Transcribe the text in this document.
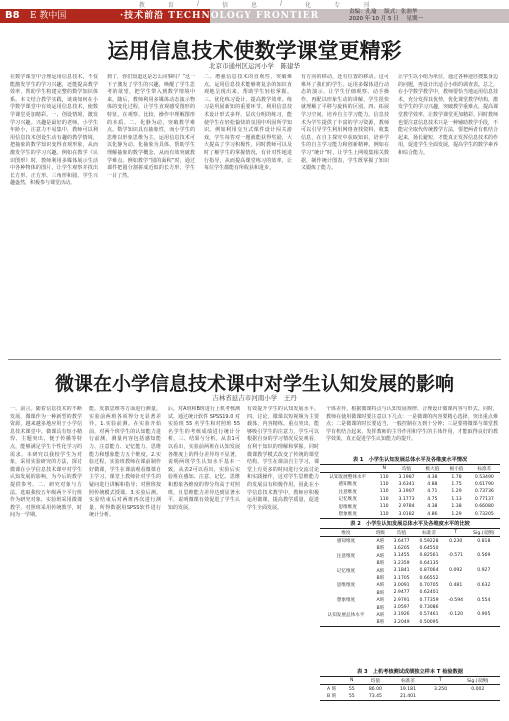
教	育	/	信	息	/	化	专	刊
B8 E 教中国	·技术前沿 TECHNOLOGY FRONTIER	责编：孔瑜 版式：张润华
2020 年 10 月 5 日 星期一
运用信息技术使数学课堂更精彩
北京市通州区运河小学　陈建华
在数学课堂中合理运用信息技术，不仅能激发学生的学习兴趣，还能提高教学效率，帮助学生构建完整的数学知识体系。本文结合教学实践，谈谈如何在小学数学课堂中有效运用信息技术，使数学课堂更加精彩。一、创设情境，激发学习兴趣。兴趣是最好的老师。小学生年龄小，注意力不易集中，教师可以利用信息技术创设生动有趣的教学情境，把抽象的数学知识变得直观形象，从而激发学生的学习兴趣。例如在教学《认识图形》时，教师利用多媒体展示生活中各种物体的图片，让学生观察并找出长方形、正方形、三角形和圆，学生兴趣盎然，积极参与课堂活动。
到了，你们知道这是怎么回事吗？”这一下子激发了学生的兴趣，唤醒了学生思考的欲望，把学生带入到数学情境中来。随后，教师利用多媒体动态演示物体的变化过程，让学生直观感受图形的特征，在观察、比较、操作中理解图形的本质。二、化静为动，突破教学难点。数学知识具有抽象性，而小学生的思维以形象思维为主。运用信息技术可以化静为动、化抽象为具体，帮助学生理解抽象的数学概念，从而有效突破教学难点。例如教学“圆的面积”时，通过课件把圆分割拼成近似的长方形，学生一目了然。
二、增强信息技术的直观性，突破难点。运用信息技术能够将复杂的知识直观地呈现出来，帮助学生轻松掌握。三、优化练习设计，提高教学效率。练习是巩固新知的重要环节。利用信息技术设计形式多样、层次分明的练习，能使学生在轻松愉快的氛围中巩固所学知识。例如利用交互式课件设计闯关游戏，学生每答对一题就能获得奖励，大大提高了学习积极性。同时教师可以及时了解学生的掌握情况，有针对性地进行指导，从而提高课堂练习的效率，让每位学生都能有所收获和进步。
有方向的移动，还有位置的移动。这可难坏了我们的学生。运用多媒体进行动态的演示，让学生仔细观察、动手操作，再配以形象生动的讲解，学生很快就理解了平移与旋转的区别。四、拓展学习空间，培养自主学习能力。信息技术为学生提供了丰富的学习资源，教师可以引导学生利用网络查找资料、收集信息，在自主探究中获取知识，培养学生的自主学习能力和创新精神。例如在学习“统计”时，让学生上网收集相关数据，制作统计图表，学生既掌握了知识又锻炼了能力。
让学生以小组为单位，通过各种途径搜集身边的问题，再设计出适合小组的调查表。总之，在小学数学教学中，教师要恰当地运用信息技术，充分发挥其优势，优化课堂教学结构，激发学生的学习兴趣，突破教学重难点，提高课堂教学效率，让数学课堂更加精彩。同时教师也要注意信息技术只是一种辅助教学手段，不能完全取代传统教学方法，要把两者有机结合起来，扬长避短，才能真正发挥信息技术的作用，促进学生全面发展，提高学生的数学素养和综合能力。
微课在小学信息技术课中对学生认知发展的影响
吉林省延吉市河南小学　王丹
一、前言。随着信息技术的不断发展，微课作为一种新型的教学资源，越来越多地应用于小学信息技术课堂中。微课具有短小精悍、主题突出、便于传播等特点，能够满足学生个性化学习的需求。本研究以我校学生为对象，采用实验研究的方法，探讨微课在小学信息技术课中对学生认知发展的影响，为今后的教学提供参考。二、研究对象与方法。选取我校五年级两个平行班作为研究对象，实验班采用微课教学，对照班采用传统教学，时间为一学期。
能、发散思维等方面进行测量。实验前两班各项得分无显著差异。1.实验前测。在实验开始前，对两个班学生的认知能力进行前测，测量内容包括感知能力、注意能力、记忆能力、思维能力和想象能力五个维度。2.实验过程。实验班教师在课前制作好微课，学生在课前观看微课自主学习，课堂上教师针对学生的疑问进行讲解和指导；对照班按照传统模式授课。3.实验后测。实验结束后对两班再次进行测量，所得数据用SPSS软件进行统计分析。
后，对A班和B班进行上机考核测试。通过统计软件 SPSS19.0 对实验班 55 名学生和对照班 55 名学生的考核成绩进行统计分析。三、结果与分析。从表1可以看出，实验前两班在认知发展各维度上的得分差异均不显著，说明两班学生认知水平基本一致。从表2可以看出，实验后实验班在感知、注意、记忆、思维和想象各维度的得分均高于对照班，且思维能力差异达到显著水平，说明微课有效促进了学生认知的发展。
有效提升学生的认知发展水平。四、讨论。微课以短视频为主要载体，内容精练、重点突出，能够吸引学生的注意力，学生可以根据自身的学习情况反复观看，有利于知识的理解和掌握。同时微课教学模式改变了传统的课堂结构，学生在课前自主学习，课堂上有更多的时间进行交流讨论和实践操作，这对学生思维能力的发展具有积极作用。因此在小学信息技术教学中，教师应积极运用微课，提高教学质量，促进学生全面发展。
个体差异，根据微课特点与认知发展规律，合理设计微课内容与形式。同时，教师在使用微课时要注意以下几点：一是微课的内容要精心选择，突出重点难点；二是微课的时长要适当，一般控制在五到十分钟；三是要将微课与课堂教学有机结合起来，发挥教师的主导作用和学生的主体作用，才能取得良好的教学效果，真正促进学生认知能力的提升。
表 1　小学生认知发展总体水平及各维度水平情况
	N	均值	极大值	极小值	标准差
认知发展整体水平	110	3.1987	4.38	1.78	0.53490
感知维度	110	3.6341	4.88	1.75	0.61790
注意维度	110	3.1907	4.71	1.29	0.73736
记忆维度	110	3.1773	4.75	1.13	0.77137
思维维度	110	2.9784	4.38	1.38	0.66080
想象维度	110	3.0182	4.86	1.29	0.73205
表 2　小学生认知发展总体水平及各维度水平的比较
维度	班级	均值	标准差	T	Sig.(双侧)
感知维度	A班	3.6477	0.59228	0.230	0.818
	B班	3.6205	0.64550		
注意维度	A班	3.1455	0.82561	-0.571	0.569
	B班	3.2359	0.64135		
记忆维度	A班	3.1841	0.87064	0.092	0.927
	B班	3.1705	0.66552		
思维维度	A班	3.0091	0.70705	0.481	0.632
	B班	2.9477	0.62401		
想象维度	A班	2.9791	0.77359	-0.594	0.554
	B班	3.0597	0.73086		
认知发展总体水平	A班	3.1926	0.57461	-0.120	0.905
	B班	3.2049	0.50095		
表 3　上机考核测试成绩独立样本 T 检验数据
	N	均值	标准差	T	Sig.(双侧)
A 班	55	86.00	19.181	3.250	0.002
B 班	55	73.45	21.401		
